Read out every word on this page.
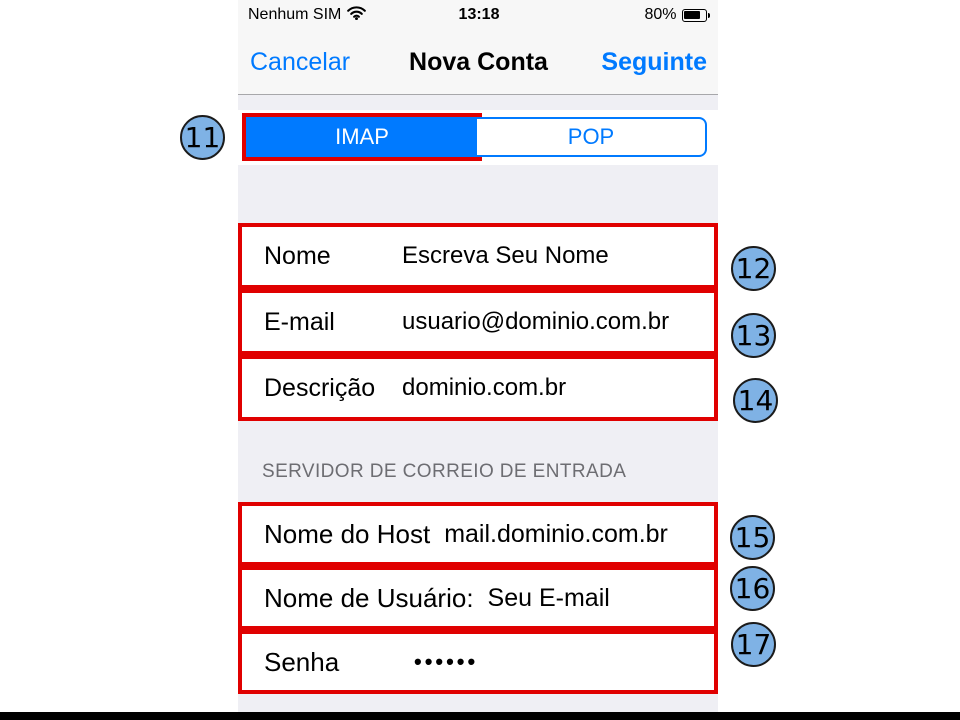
Nenhum SIM	13:18	80%
Cancelar	Nova Conta	Seguinte
IMAP	POP
Nome	Escreva Seu Nome
E-mail	usuario@dominio.com.br
Descrição	dominio.com.br
SERVIDOR DE CORREIO DE ENTRADA
Nome do Host mail.dominio.com.br
Nome de Usuário: Seu E-mail
Senha	••••••
11
12
13
14
15
16
17
